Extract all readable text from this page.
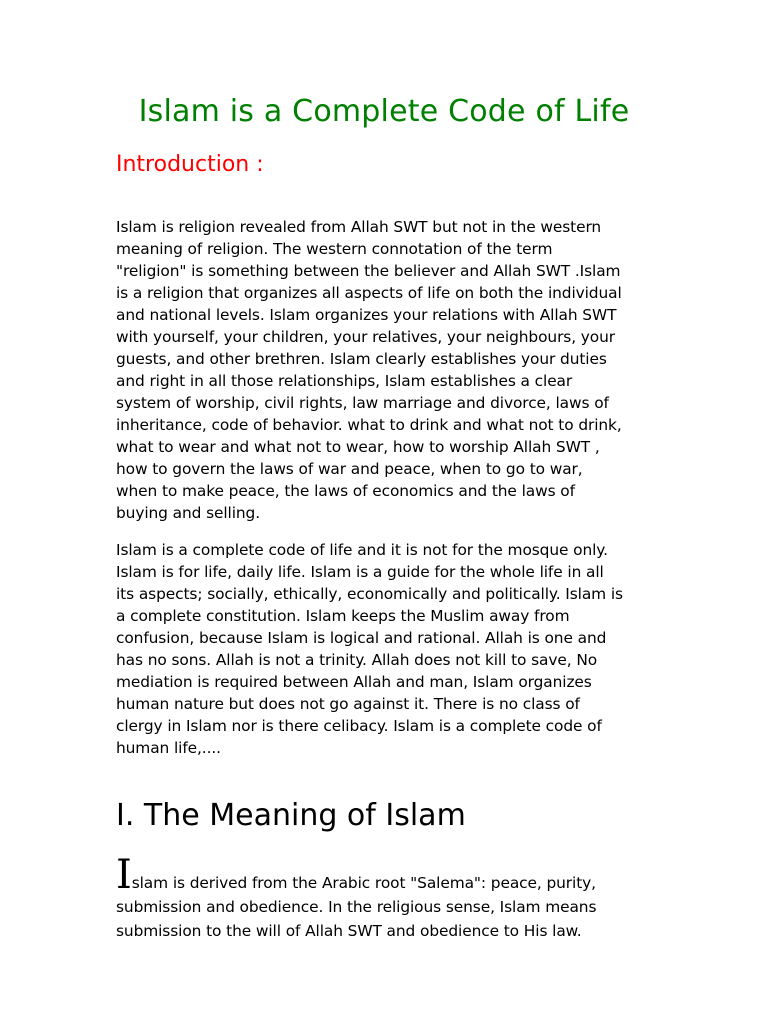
Islam is a Complete Code of Life
Introduction :

Islam is religion revealed from Allah SWT but not in the western
meaning of religion. The western connotation of the term
"religion" is something between the believer and Allah SWT .Islam
is a religion that organizes all aspects of life on both the individual
and national levels. Islam organizes your relations with Allah SWT
with yourself, your children, your relatives, your neighbours, your
guests, and other brethren. Islam clearly establishes your duties
and right in all those relationships, Islam establishes a clear
system of worship, civil rights, law marriage and divorce, laws of
inheritance, code of behavior. what to drink and what not to drink,
what to wear and what not to wear, how to worship Allah SWT ,
how to govern the laws of war and peace, when to go to war,
when to make peace, the laws of economics and the laws of
buying and selling.

Islam is a complete code of life and it is not for the mosque only.
Islam is for life, daily life. Islam is a guide for the whole life in all
its aspects; socially, ethically, economically and politically. Islam is
a complete constitution. Islam keeps the Muslim away from
confusion, because Islam is logical and rational. Allah is one and
has no sons. Allah is not a trinity. Allah does not kill to save, No
mediation is required between Allah and man, Islam organizes
human nature but does not go against it. There is no class of
clergy in Islam nor is there celibacy. Islam is a complete code of
human life,....

I. The Meaning of Islam

Islam is derived from the Arabic root "Salema": peace, purity,
submission and obedience. In the religious sense, Islam means
submission to the will of Allah SWT and obedience to His law.
